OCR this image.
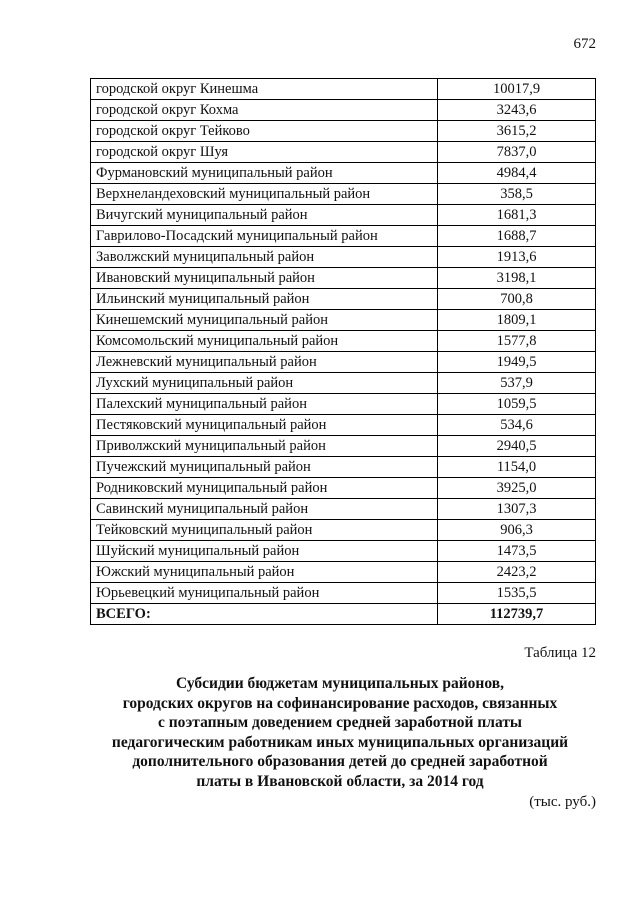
672
городской округ Кинешма	10017,9
городской округ Кохма	3243,6
городской округ Тейково	3615,2
городской округ Шуя	7837,0
Фурмановский муниципальный район	4984,4
Верхнеландеховский муниципальный район	358,5
Вичугский муниципальный район	1681,3
Гаврилово-Посадский муниципальный район	1688,7
Заволжский муниципальный район	1913,6
Ивановский муниципальный район	3198,1
Ильинский муниципальный район	700,8
Кинешемский муниципальный район	1809,1
Комсомольский муниципальный район	1577,8
Лежневский муниципальный район	1949,5
Лухский муниципальный район	537,9
Палехский муниципальный район	1059,5
Пестяковский муниципальный район	534,6
Приволжский муниципальный район	2940,5
Пучежский муниципальный район	1154,0
Родниковский муниципальный район	3925,0
Савинский муниципальный район	1307,3
Тейковский муниципальный район	906,3
Шуйский муниципальный район	1473,5
Южский муниципальный район	2423,2
Юрьевецкий муниципальный район	1535,5
ВСЕГО:	112739,7
Таблица 12
Субсидии бюджетам муниципальных районов,
городских округов на софинансирование расходов, связанных
с поэтапным доведением средней заработной платы
педагогическим работникам иных муниципальных организаций
дополнительного образования детей до средней заработной
платы в Ивановской области, за 2014 год
(тыс. руб.)
